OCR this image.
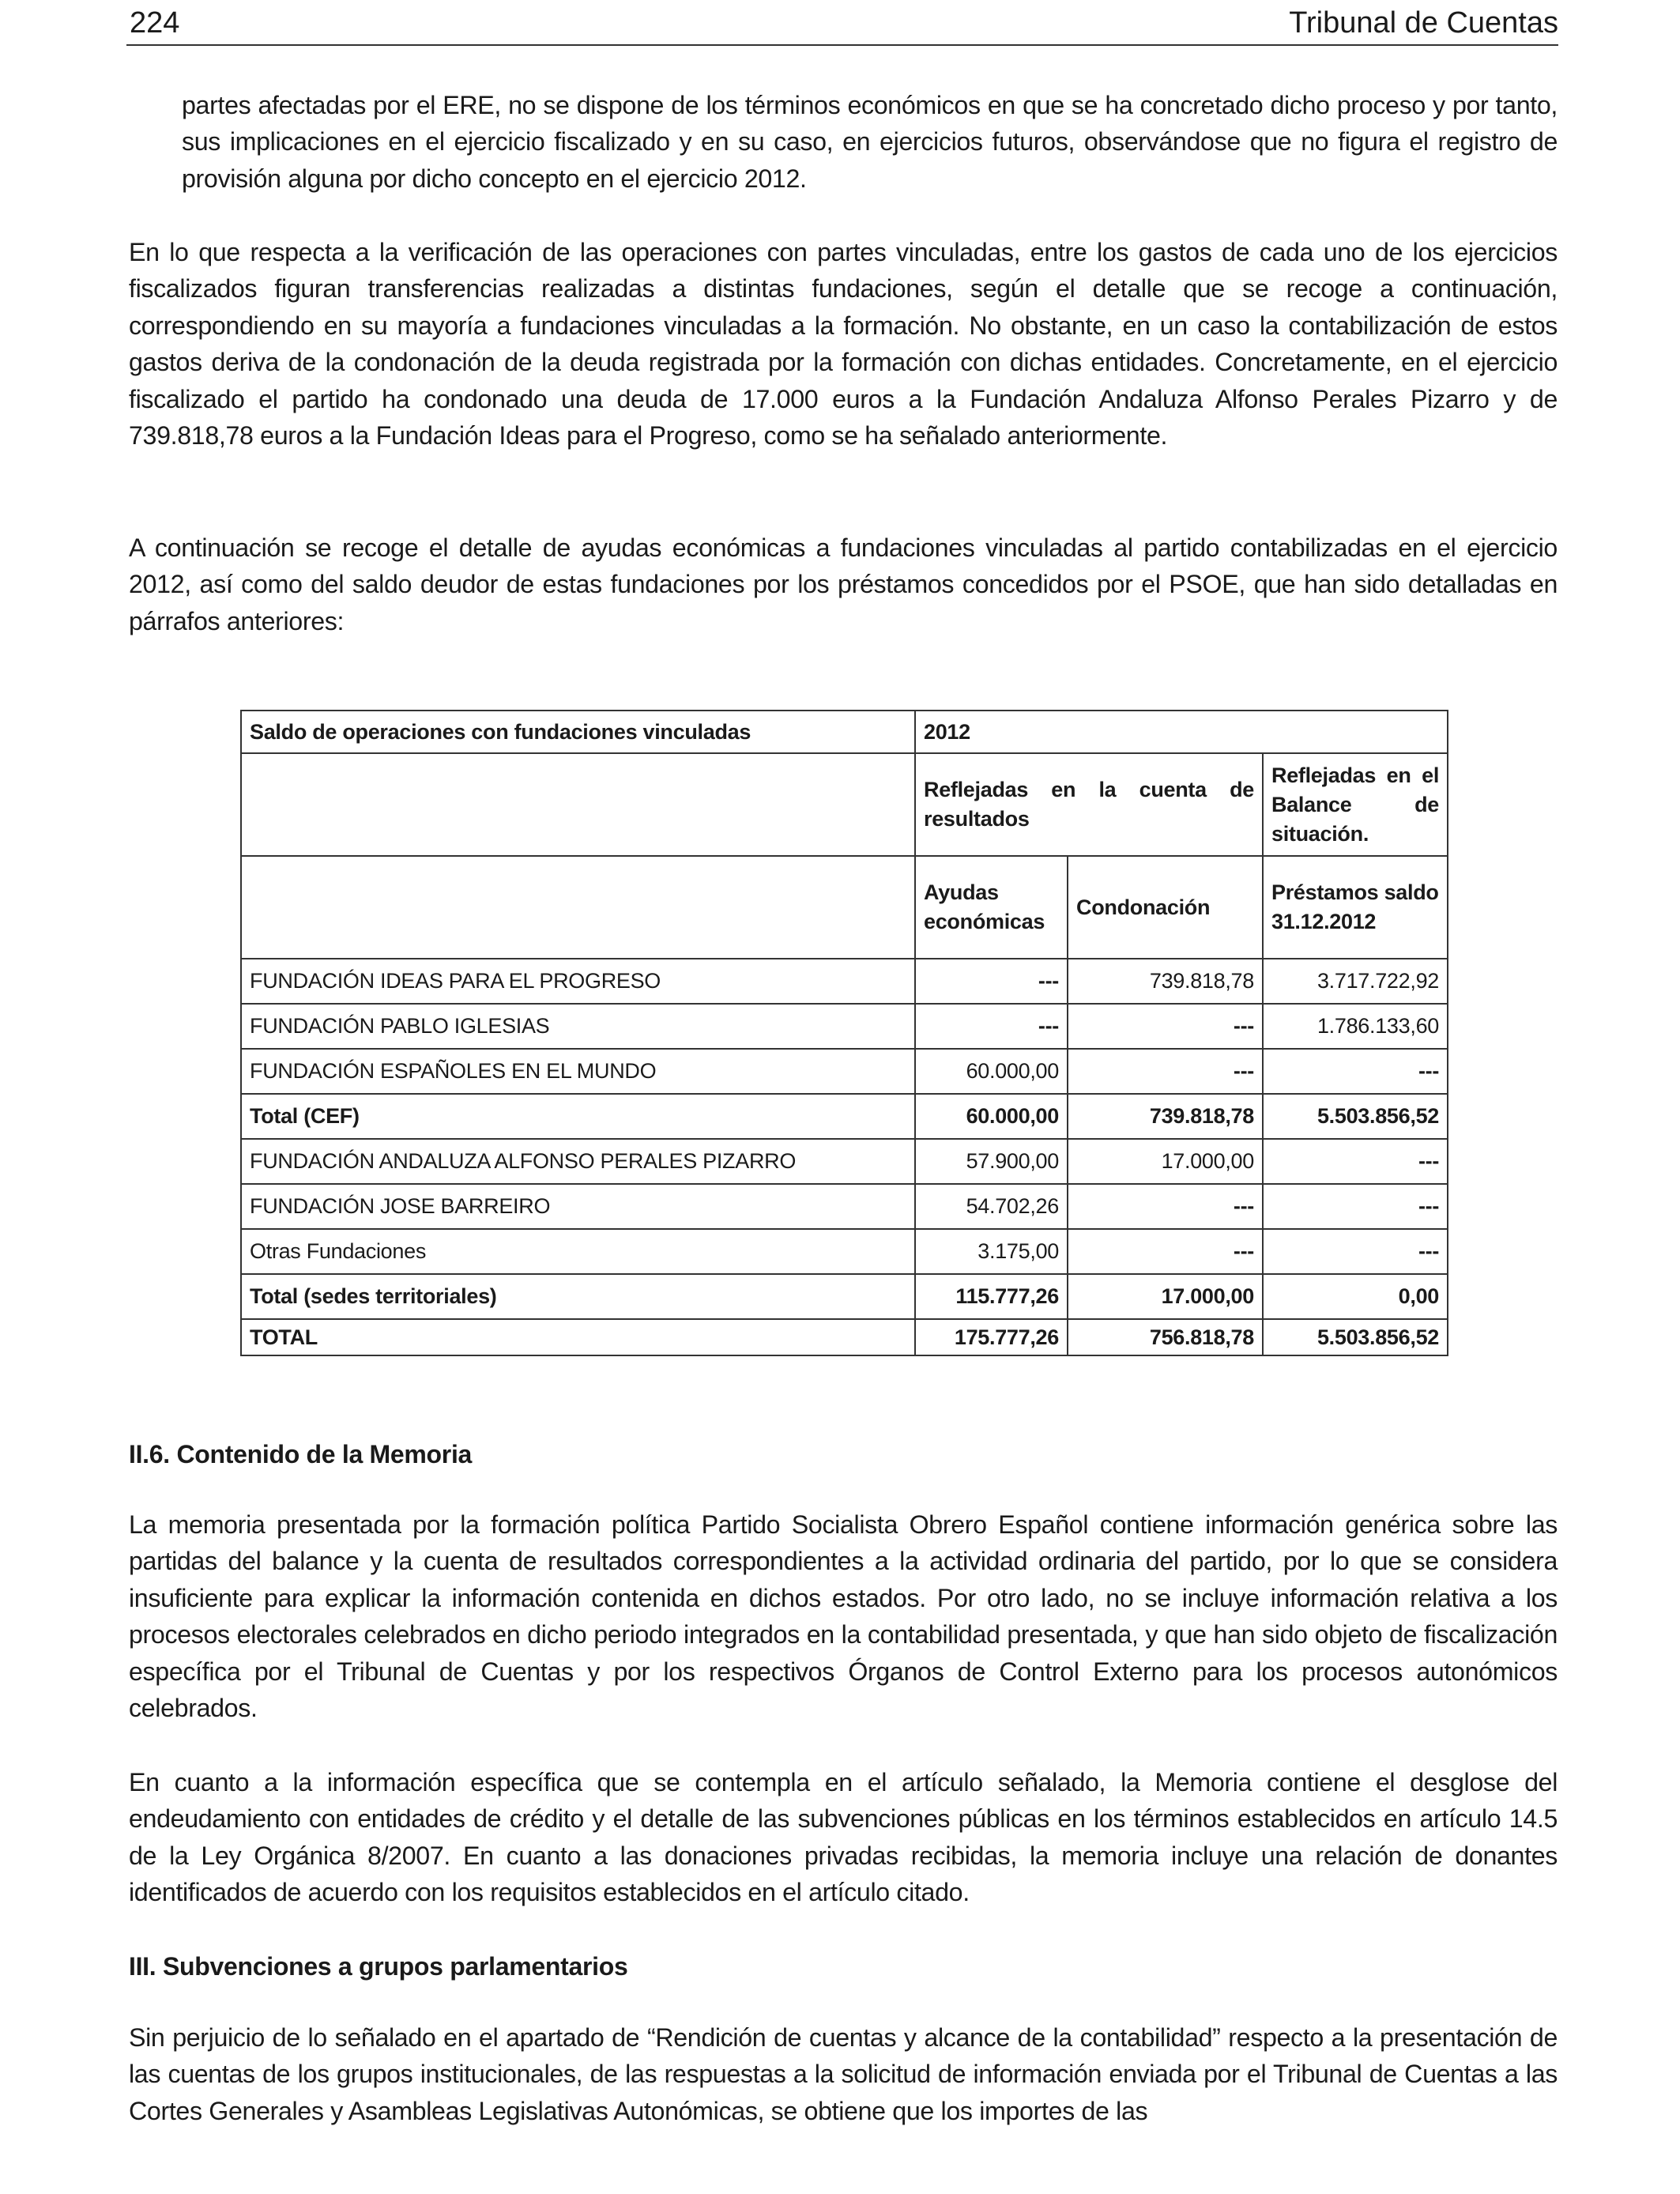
224	Tribunal de Cuentas

partes afectadas por el ERE, no se dispone de los términos económicos en que se ha concretado dicho proceso y por tanto, sus implicaciones en el ejercicio fiscalizado y en su caso, en ejercicios futuros, observándose que no figura el registro de provisión alguna por dicho concepto en el ejercicio 2012.

En lo que respecta a la verificación de las operaciones con partes vinculadas, entre los gastos de cada uno de los ejercicios fiscalizados figuran transferencias realizadas a distintas fundaciones, según el detalle que se recoge a continuación, correspondiendo en su mayoría a fundaciones vinculadas a la formación. No obstante, en un caso la contabilización de estos gastos deriva de la condonación de la deuda registrada por la formación con dichas entidades. Concretamente, en el ejercicio fiscalizado el partido ha condonado una deuda de 17.000 euros a la Fundación Andaluza Alfonso Perales Pizarro y de 739.818,78 euros a la Fundación Ideas para el Progreso, como se ha señalado anteriormente.

A continuación se recoge el detalle de ayudas económicas a fundaciones vinculadas al partido contabilizadas en el ejercicio 2012, así como del saldo deudor de estas fundaciones por los préstamos concedidos por el PSOE, que han sido detalladas en párrafos anteriores:

Saldo de operaciones con fundaciones vinculadas	2012		
	Reflejadas en la cuenta de resultados		Reflejadas en el Balance de situación.
	Ayudas económicas	Condonación	Préstamos saldo 31.12.2012
FUNDACIÓN IDEAS PARA EL PROGRESO	---	739.818,78	3.717.722,92
FUNDACIÓN PABLO IGLESIAS	---	---	1.786.133,60
FUNDACIÓN ESPAÑOLES EN EL MUNDO	60.000,00	---	---
Total (CEF)	60.000,00	739.818,78	5.503.856,52
FUNDACIÓN ANDALUZA ALFONSO PERALES PIZARRO	57.900,00	17.000,00	---
FUNDACIÓN JOSE BARREIRO	54.702,26	---	---
Otras Fundaciones	3.175,00	---	---
Total (sedes territoriales)	115.777,26	17.000,00	0,00
TOTAL	175.777,26	756.818,78	5.503.856,52
II.6. Contenido de la Memoria

La memoria presentada por la formación política Partido Socialista Obrero Español contiene información genérica sobre las partidas del balance y la cuenta de resultados correspondientes a la actividad ordinaria del partido, por lo que se considera insuficiente para explicar la información contenida en dichos estados. Por otro lado, no se incluye información relativa a los procesos electorales celebrados en dicho periodo integrados en la contabilidad presentada, y que han sido objeto de fiscalización específica por el Tribunal de Cuentas y por los respectivos Órganos de Control Externo para los procesos autonómicos celebrados.

En cuanto a la información específica que se contempla en el artículo señalado, la Memoria contiene el desglose del endeudamiento con entidades de crédito y el detalle de las subvenciones públicas en los términos establecidos en artículo 14.5 de la Ley Orgánica 8/2007. En cuanto a las donaciones privadas recibidas, la memoria incluye una relación de donantes identificados de acuerdo con los requisitos establecidos en el artículo citado.

III. Subvenciones a grupos parlamentarios

Sin perjuicio de lo señalado en el apartado de “Rendición de cuentas y alcance de la contabilidad” respecto a la presentación de las cuentas de los grupos institucionales, de las respuestas a la solicitud de información enviada por el Tribunal de Cuentas a las Cortes Generales y Asambleas Legislativas Autonómicas, se obtiene que los importes de las
